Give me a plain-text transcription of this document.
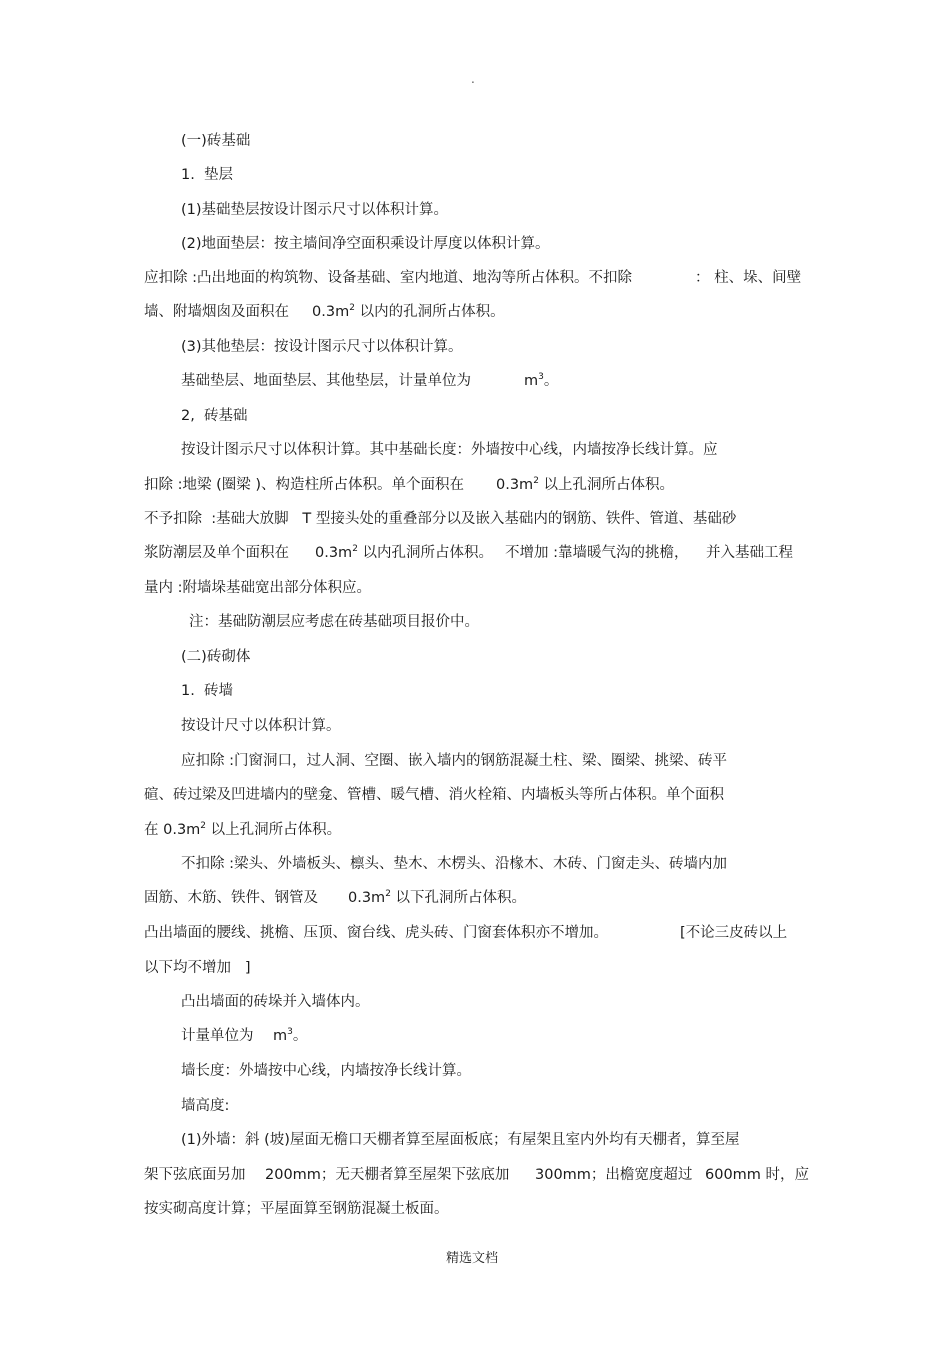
.
(一)砖基础
1.  垫层
(1)基础垫层按设计图示尺寸以体积计算。
(2)地面垫层：按主墙间净空面积乘设计厚度以体积计算。
应扣除 :凸出地面的构筑物、设备基础、室内地道、地沟等所占体积。不扣除	： 柱、垛、间壁
墙、附墙烟囱及面积在     $0.3m^2$ 以内的孔洞所占体积。
(3)其他垫层：按设计图示尺寸以体积计算。
基础垫层、地面垫层、其他垫层，计量单位为	$m^3$。
2,  砖基础
按设计图示尺寸以体积计算。其中基础长度：外墙按中心线，内墙按净长线计算。应
扣除 :地梁 (圈梁 )、构造柱所占体积。单个面积在 $0.3m^2$ 以上孔洞所占体积。
不予扣除  :基础大放脚   T 型接头处的重叠部分以及嵌入基础内的钢筋、铁件、管道、基础砂
浆防潮层及单个面积在 $0.3m^2$ 以内孔洞所占体积。 不增加 :靠墙暖气沟的挑檐， 并入基础工程
量内 :附墙垛基础宽出部分体积应。
注：基础防潮层应考虑在砖基础项目报价中。
(二)砖砌体
1.  砖墙
按设计尺寸以体积计算。
应扣除 :门窗洞口，过人洞、空圈、嵌入墙内的钢筋混凝土柱、梁、圈梁、挑梁、砖平
碹、砖过梁及凹进墙内的壁龛、管槽、暖气槽、消火栓箱、内墙板头等所占体积。单个面积
在 $0.3m^2$ 以上孔洞所占体积。
不扣除 :梁头、外墙板头、檩头、垫木、木楞头、沿椽木、木砖、门窗走头、砖墙内加
固筋、木筋、铁件、钢管及 $0.3m^2$ 以下孔洞所占体积。
凸出墙面的腰线、挑檐、压顶、窗台线、虎头砖、门窗套体积亦不增加。	[不论三皮砖以上
以下均不增加   ]
凸出墙面的砖垛并入墙体内。
计量单位为 $m^3$。
墙长度：外墙按中心线，内墙按净长线计算。
墙高度:
(1)外墙：斜 (坡)屋面无檐口天棚者算至屋面板底；有屋架且室内外均有天棚者，算至屋
架下弦底面另加 200mm；无天棚者算至屋架下弦底加 300mm；出檐宽度超过 600mm 时，应
按实砌高度计算；平屋面算至钢筋混凝土板面。
精选文档
